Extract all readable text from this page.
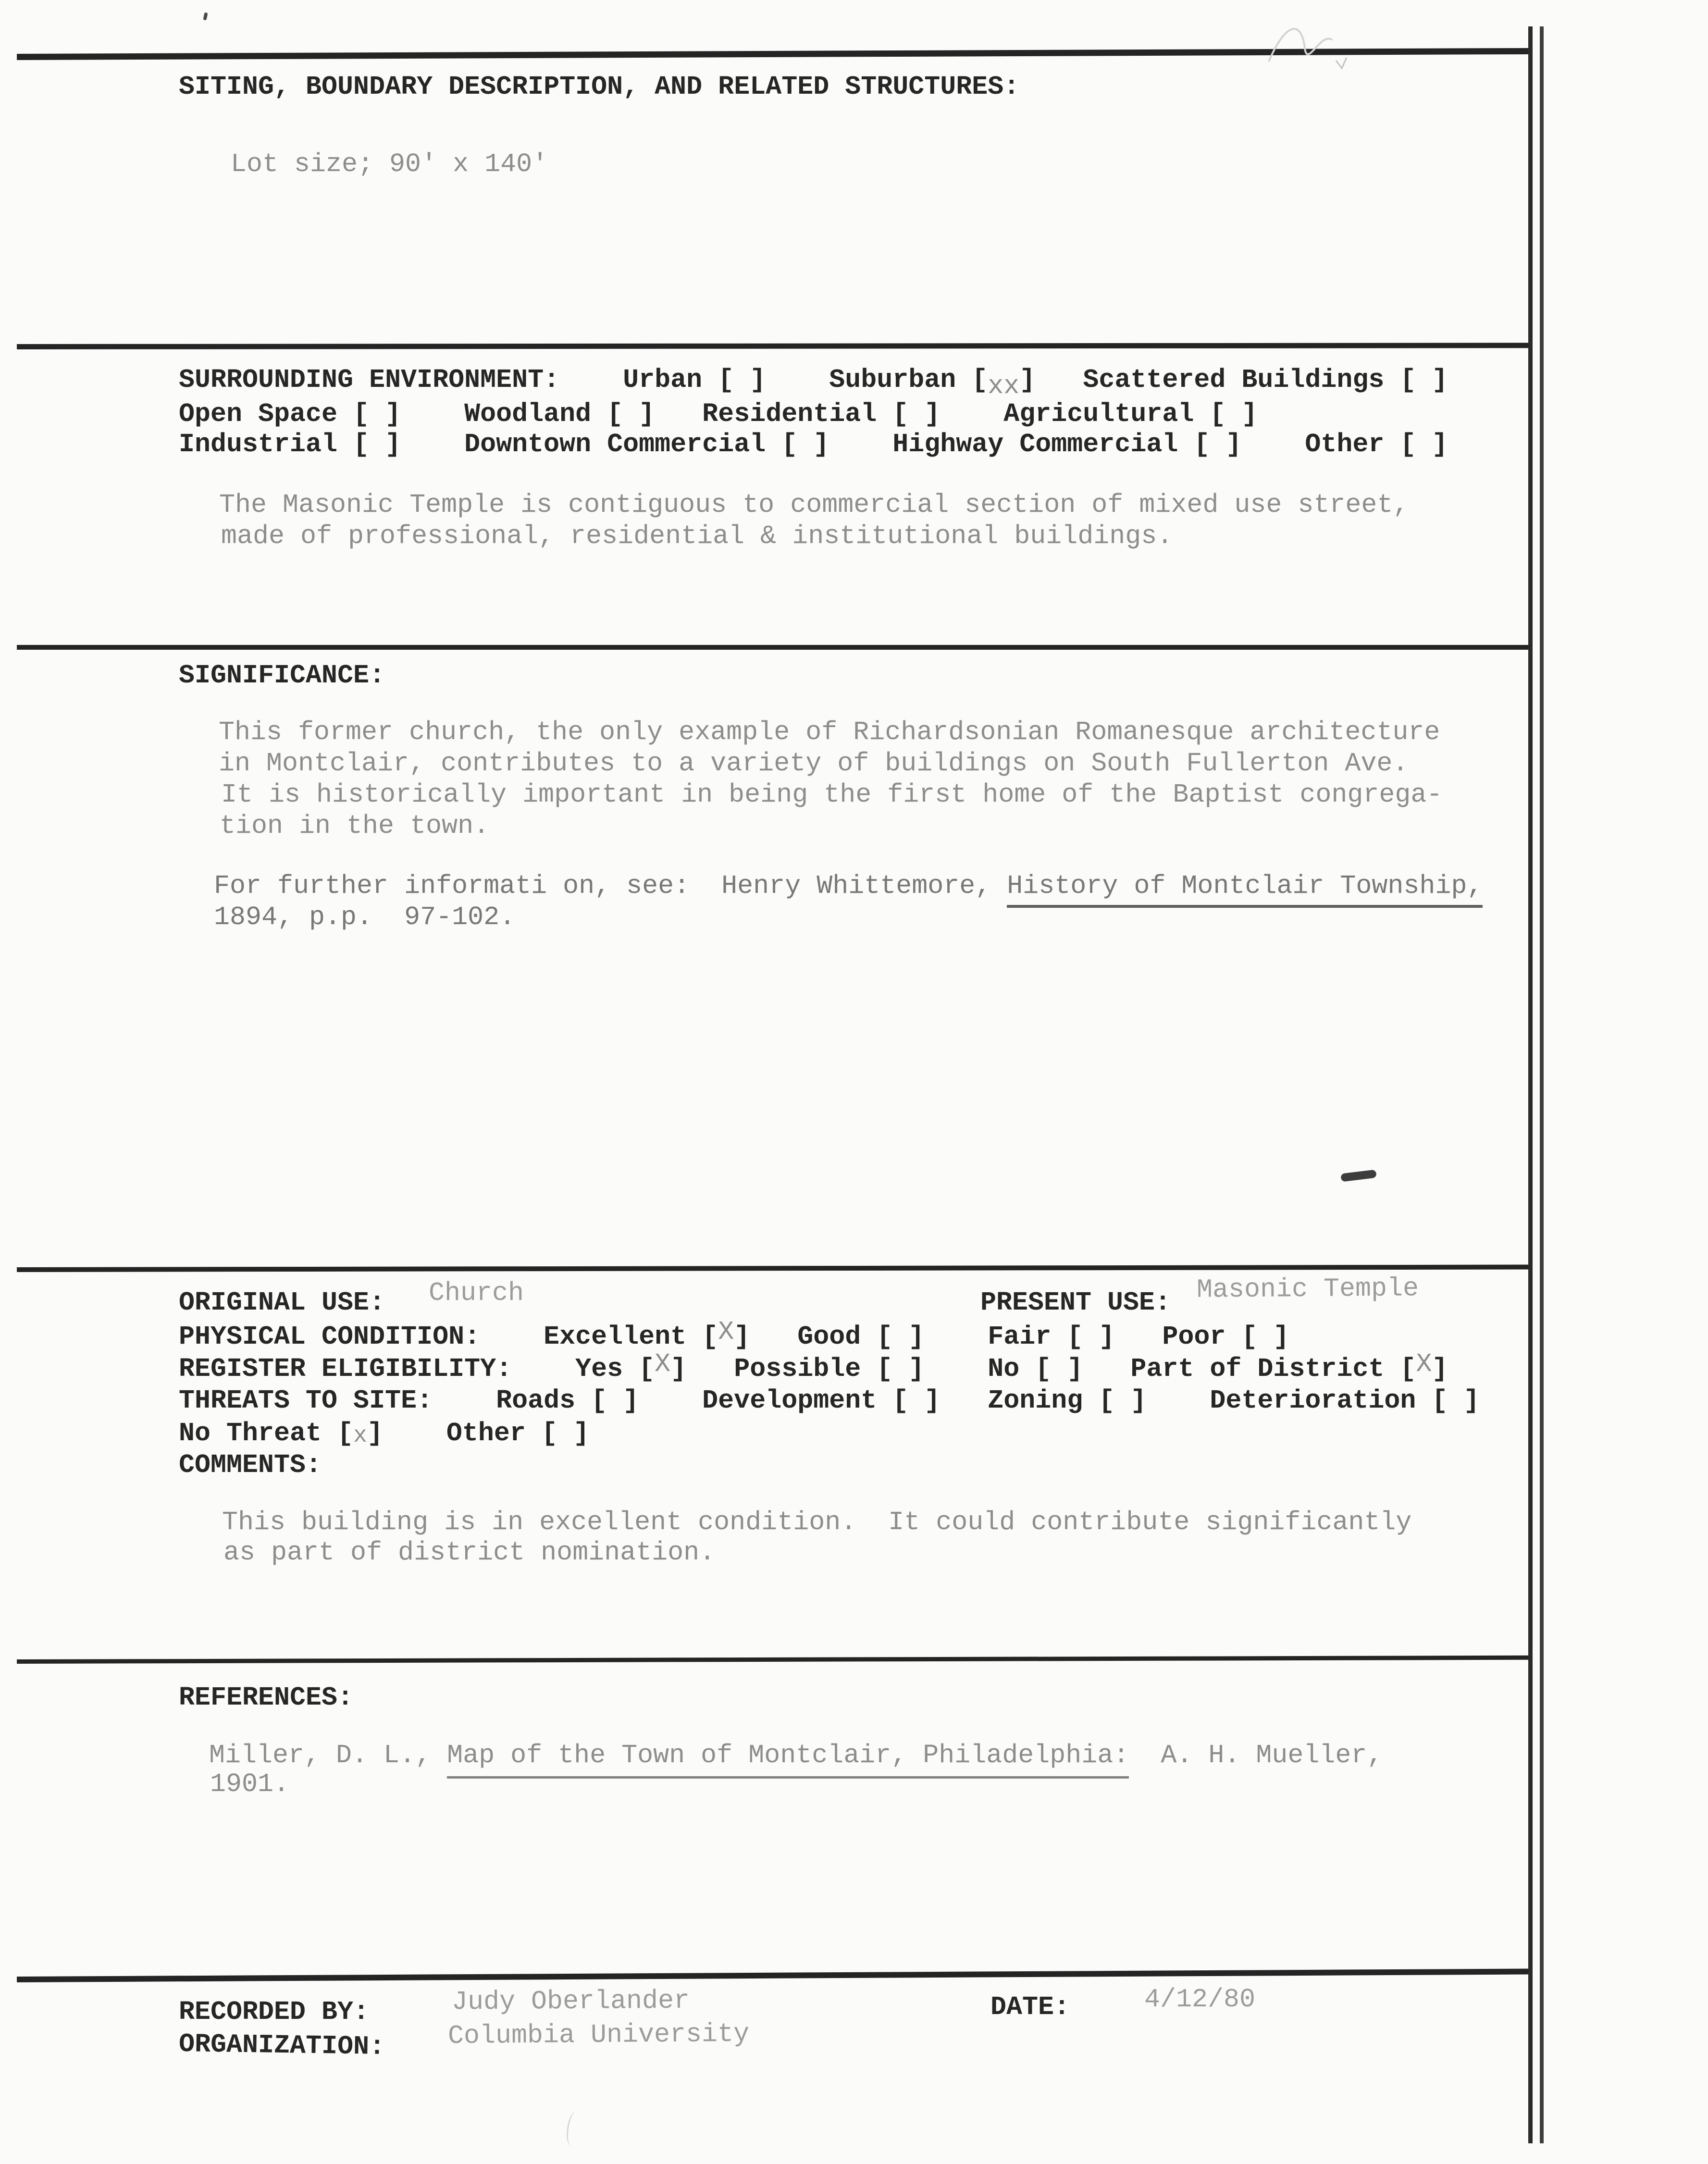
SITING, BOUNDARY DESCRIPTION, AND RELATED STRUCTURES:
Lot size; 90' x 140'
SURROUNDING ENVIRONMENT:    Urban [ ]    Suburban [xx]   Scattered Buildings [ ]
Open Space [ ]    Woodland [ ]   Residential [ ]    Agricultural [ ]
Industrial [ ]    Downtown Commercial [ ]    Highway Commercial [ ]    Other [ ]
The Masonic Temple is contiguous to commercial section of mixed use street,
made of professional, residential & institutional buildings.
SIGNIFICANCE:
This former church, the only example of Richardsonian Romanesque architecture
in Montclair, contributes to a variety of buildings on South Fullerton Ave.
It is historically important in being the first home of the Baptist congrega-
tion in the town.
For further informati on, see:  Henry Whittemore, History of Montclair Township,
1894, p.p.  97-102.
ORIGINAL USE: Church	PRESENT USE: Masonic Temple
PHYSICAL CONDITION:    Excellent [X]   Good [ ]    Fair [ ]   Poor [ ]
REGISTER ELIGIBILITY:    Yes [X]   Possible [ ]    No [ ]   Part of District [X]
THREATS TO SITE:    Roads [ ]    Development [ ]   Zoning [ ]    Deterioration [ ]
No Threat [x]    Other [ ]
COMMENTS:
This building is in excellent condition.  It could contribute significantly
as part of district nomination.
REFERENCES:
Miller, D. L., Map of the Town of Montclair, Philadelphia:  A. H. Mueller,
1901.
RECORDED BY:	Judy Oberlander	DATE:	4/12/80
ORGANIZATION: Columbia University
